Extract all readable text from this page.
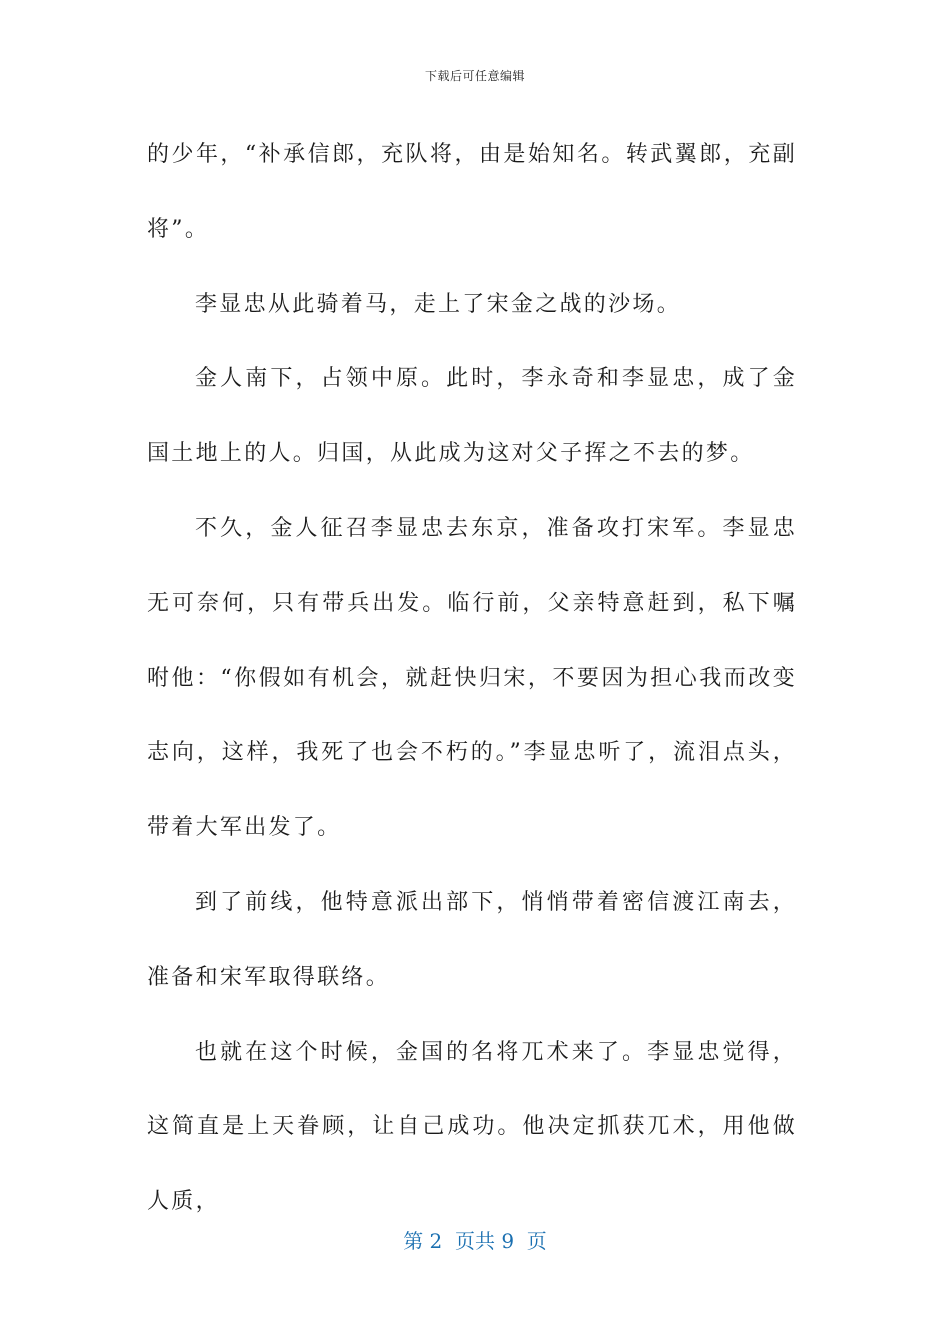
下载后可任意编辑

的少年，“补承信郎，充队将，由是始知名。转武翼郎，充副将”。

李显忠从此骑着马，走上了宋金之战的沙场。

金人南下，占领中原。此时，李永奇和李显忠，成了金国土地上的人。归国，从此成为这对父子挥之不去的梦。

不久，金人征召李显忠去东京，准备攻打宋军。李显忠无可奈何，只有带兵出发。临行前，父亲特意赶到，私下嘱咐他：“你假如有机会，就赶快归宋，不要因为担心我而改变志向，这样，我死了也会不朽的。”李显忠听了，流泪点头，带着大军出发了。

到了前线，他特意派出部下，悄悄带着密信渡江南去，准备和宋军取得联络。

也就在这个时候，金国的名将兀术来了。李显忠觉得，这简直是上天眷顾，让自己成功。他决定抓获兀术，用他做人质，

第 2  页共 9  页
